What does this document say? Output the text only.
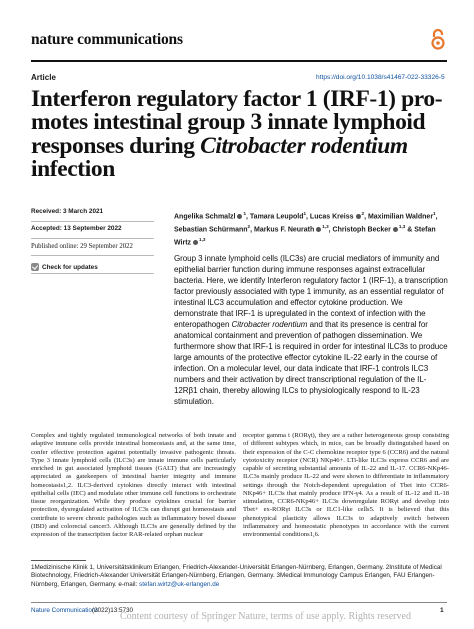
nature communications
Article	https://doi.org/10.1038/s41467-022-33326-5
Interferon regulatory factor 1 (IRF-1) pro-motes intestinal group 3 innate lymphoid responses during Citrobacter rodentium infection
Received: 3 March 2021
Accepted: 13 September 2022
Published online: 29 September 2022
Check for updates
Angelika Schmalzl $^1$, Tamara Leupold$^1$, Lucas Kreiss $^2$, Maximilian Waldner$^1$, Sebastian Schürmann$^2$, Markus F. Neurath $^{1,3}$, Christoph Becker $^{1,3}$ & Stefan Wirtz $^{1,3}$
Group 3 innate lymphoid cells (ILC3s) are crucial mediators of immunity and epithelial barrier function during immune responses against extracellular bacteria. Here, we identify Interferon regulatory factor 1 (IRF-1), a transcription factor previously associated with type 1 immunity, as an essential regulator of intestinal ILC3 accumulation and effector cytokine production. We demonstrate that IRF-1 is upregulated in the context of infection with the enteropathogen Citrobacter rodentium and that its presence is central for anatomical containment and prevention of pathogen dissemination. We furthermore show that IRF-1 is required in order for intestinal ILC3s to produce large amounts of the protective effector cytokine IL-22 early in the course of infection. On a molecular level, our data indicate that IRF-1 controls ILC3 numbers and their activation by direct transcriptional regulation of the IL-12Rβ1 chain, thereby allowing ILCs to physiologically respond to IL-23 stimulation.
Complex and tightly regulated immunological networks of both innate and adaptive immune cells provide intestinal homeostasis and, at the same time, confer effective protection against potentially invasive pathogenic threats. Type 3 innate lymphoid cells (ILC3s) are innate immune cells particularly enriched in gut associated lymphoid tissues (GALT) that are increasingly appreciated as gatekeepers of intestinal barrier integrity and immune homeostasis1,2. ILC3-derived cytokines directly interact with intestinal epithelial cells (IEC) and modulate other immune cell functions to orchestrate tissue reorganization. While they produce cytokines crucial for barrier protection, dysregulated activation of ILC3s can disrupt gut homeostasis and contribute to severe chronic pathologies such as inflammatory bowel disease (IBD) and colorectal cancer3. Although ILC3s are generally defined by the expression of the transcription factor RAR-related orphan nuclear
receptor gamma t (RORγt), they are a rather heterogeneous group consisting of different subtypes which, in mice, can be broadly distinguished based on their expression of the C-C chemokine receptor type 6 (CCR6) and the natural cytotoxicity receptor (NCR) NKp46+. LTi-like ILC3s express CCR6 and are capable of secreting substantial amounts of IL-22 and IL-17. CCR6-NKp46- ILC3s mainly produce IL-22 and were shown to differentiate in inflammatory settings through the Notch-dependent upregulation of Tbet into CCR6-NKp46+ ILC3s that mainly produce IFN-γ4. As a result of IL-12 and IL-18 stimulation, CCR6-NKp46+ ILC3s downregulate RORγt and develop into Tbet+ ex-RORγt ILC3s or ILC1-like cells5. It is believed that this phenotypical plasticity allows ILC3s to adaptively switch between inflammatory and homeostatic phenotypes in accordance with the current environmental conditions1,6.
1Medizinische Klinik 1, Universitätsklinikum Erlangen, Friedrich-Alexander-Universität Erlangen-Nürnberg, Erlangen, Germany. 2Institute of Medical Biotechnology, Friedrich-Alexander Universität Erlangen-Nürnberg, Erlangen, Germany. 3Medical Immunology Campus Erlangen, FAU Erlangen-Nürnberg, Erlangen, Germany. e-mail: stefan.wirtz@uk-erlangen.de
Nature Communications
(2022)13:5730
Content courtesy of Springer Nature, terms of use apply. Rights reserved
1
